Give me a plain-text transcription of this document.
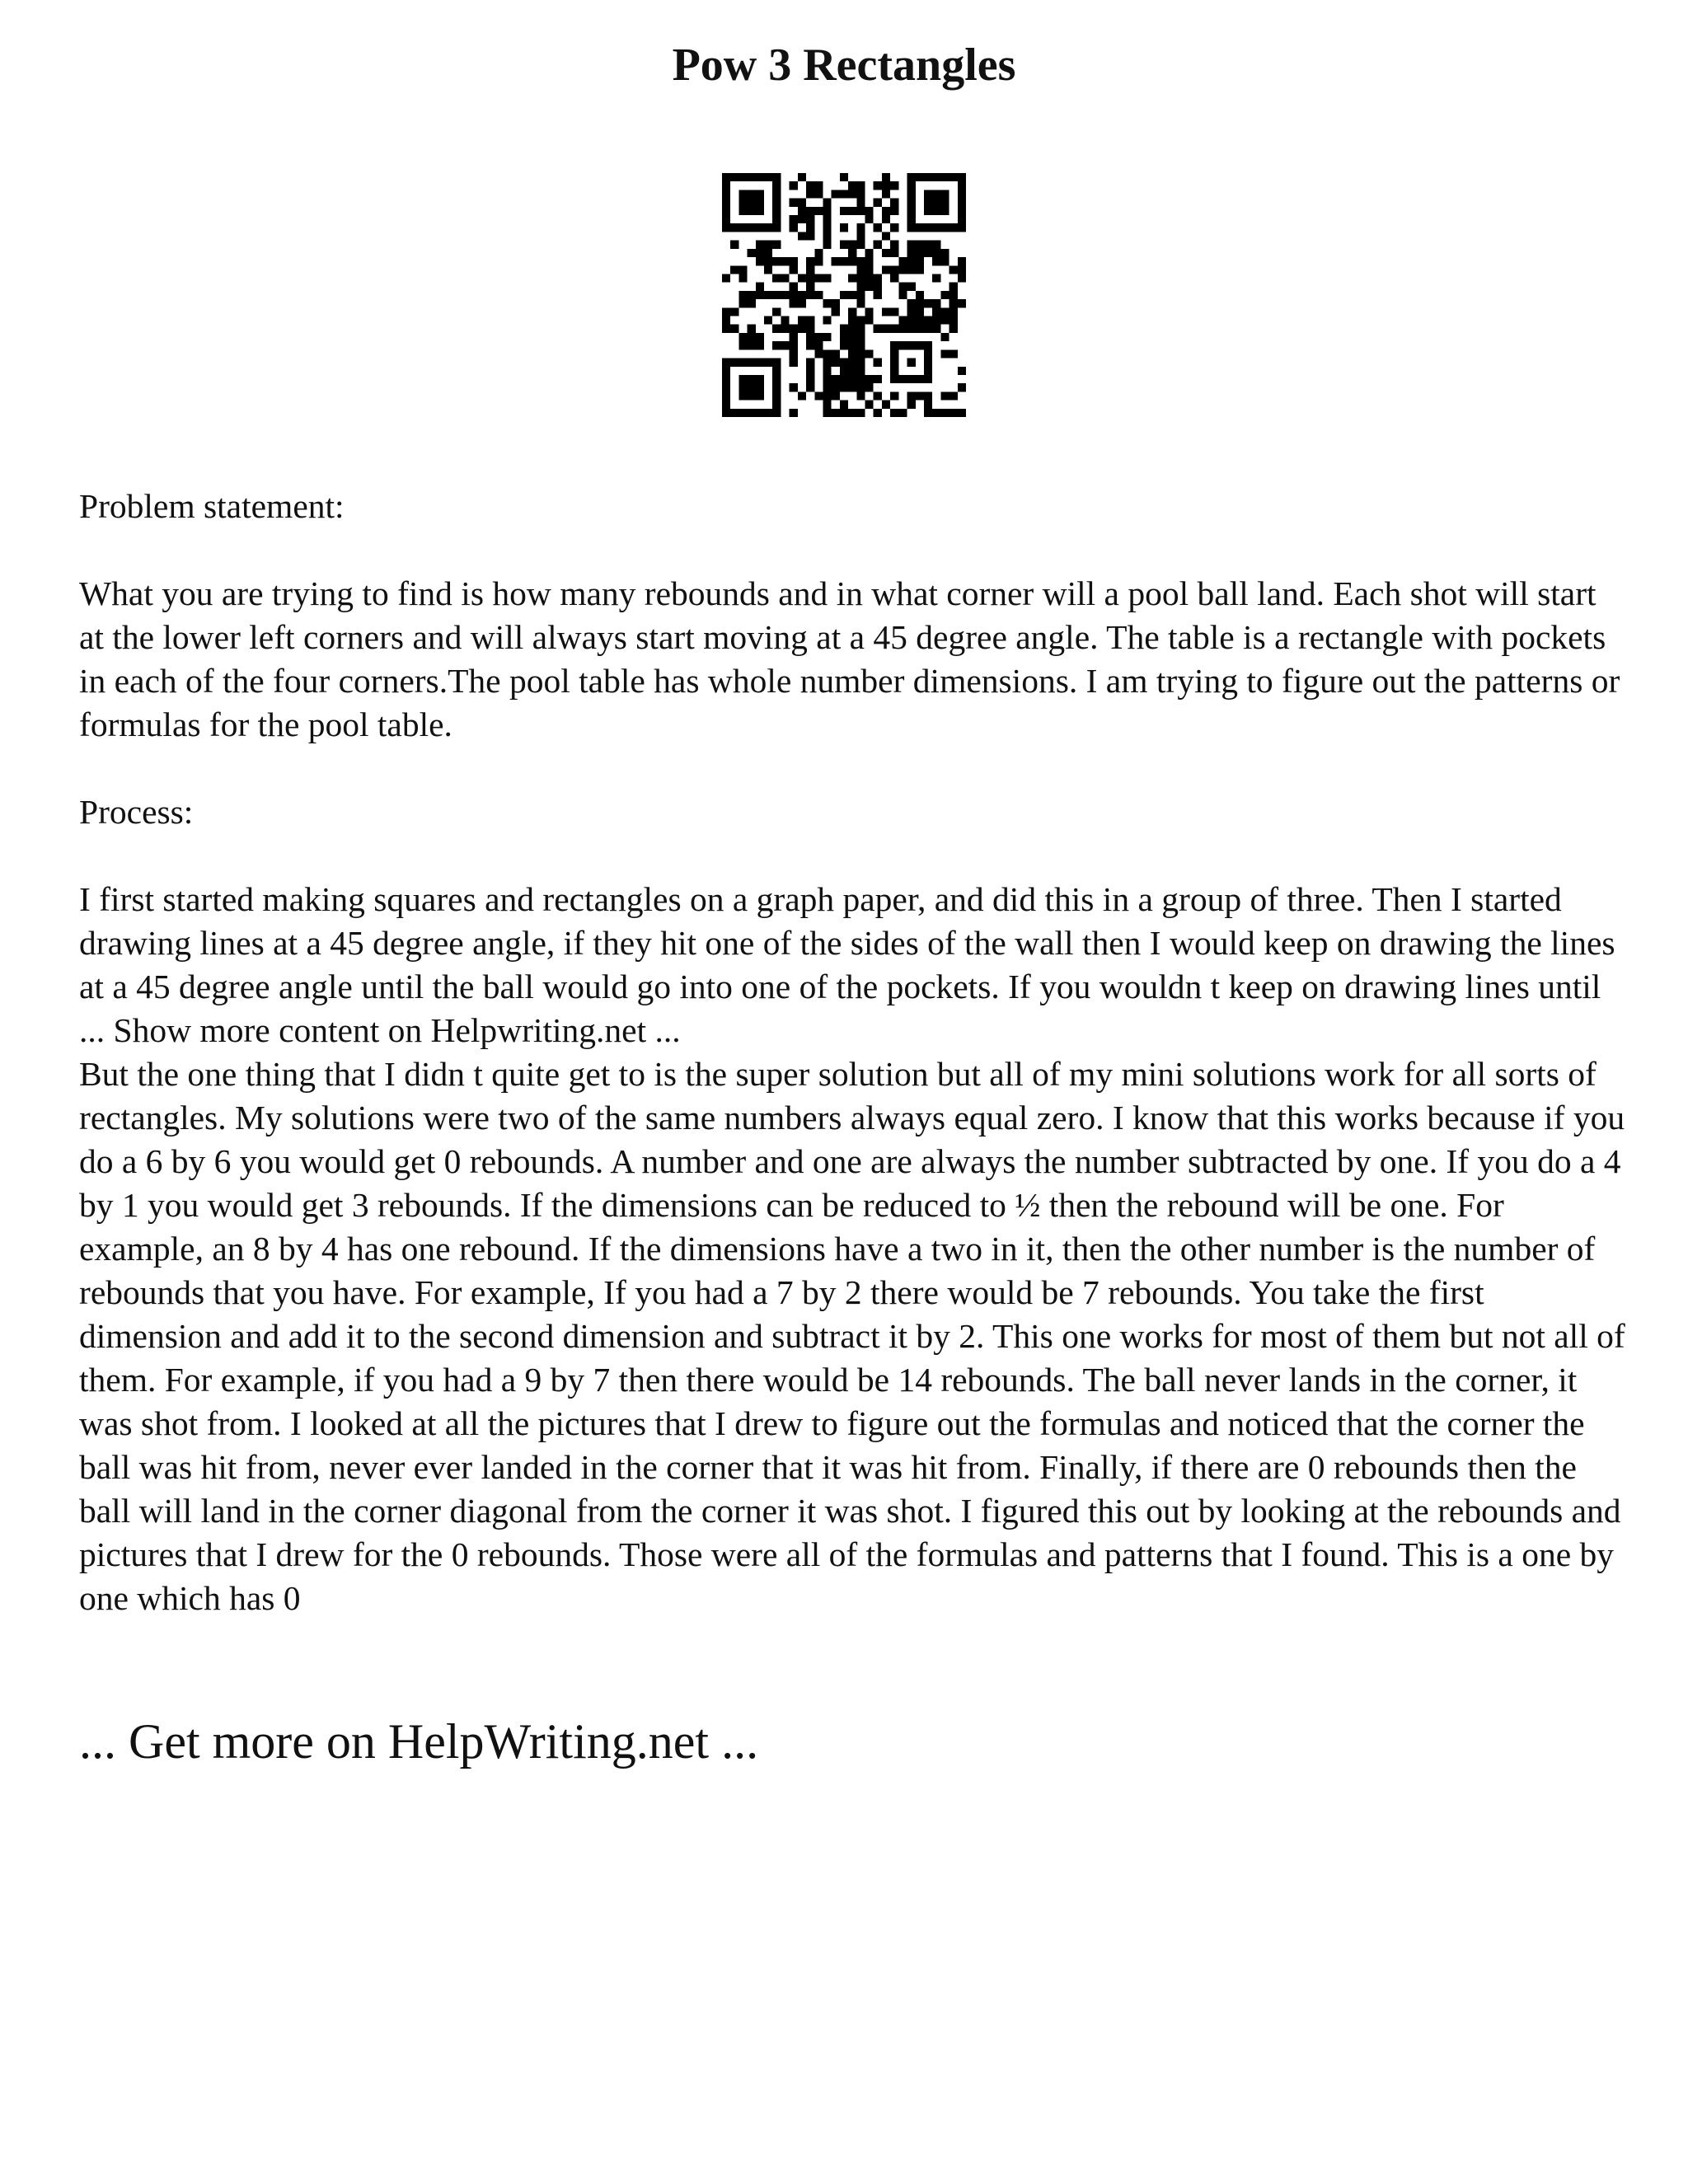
Pow 3 Rectangles

Problem statement:

What you are trying to find is how many rebounds and in what corner will a pool ball land. Each shot will start at the lower left corners and will always start moving at a 45 degree angle. The table is a rectangle with pockets in each of the four corners.The pool table has whole number dimensions. I am trying to figure out the patterns or formulas for the pool table.

Process:

I first started making squares and rectangles on a graph paper, and did this in a group of three. Then I started drawing lines at a 45 degree angle, if they hit one of the sides of the wall then I would keep on drawing the lines at a 45 degree angle until the ball would go into one of the pockets. If you wouldn t keep on drawing lines until ... Show more content on Helpwriting.net ...

But the one thing that I didn t quite get to is the super solution but all of my mini solutions work for all sorts of rectangles. My solutions were two of the same numbers always equal zero. I know that this works because if you do a 6 by 6 you would get 0 rebounds. A number and one are always the number subtracted by one. If you do a 4 by 1 you would get 3 rebounds. If the dimensions can be reduced to ½ then the rebound will be one. For example, an 8 by 4 has one rebound. If the dimensions have a two in it, then the other number is the number of rebounds that you have. For example, If you had a 7 by 2 there would be 7 rebounds. You take the first dimension and add it to the second dimension and subtract it by 2. This one works for most of them but not all of them. For example, if you had a 9 by 7 then there would be 14 rebounds. The ball never lands in the corner, it was shot from. I looked at all the pictures that I drew to figure out the formulas and noticed that the corner the ball was hit from, never ever landed in the corner that it was hit from. Finally, if there are 0 rebounds then the ball will land in the corner diagonal from the corner it was shot. I figured this out by looking at the rebounds and pictures that I drew for the 0 rebounds. Those were all of the formulas and patterns that I found. This is a one by one which has 0

... Get more on HelpWriting.net ...
